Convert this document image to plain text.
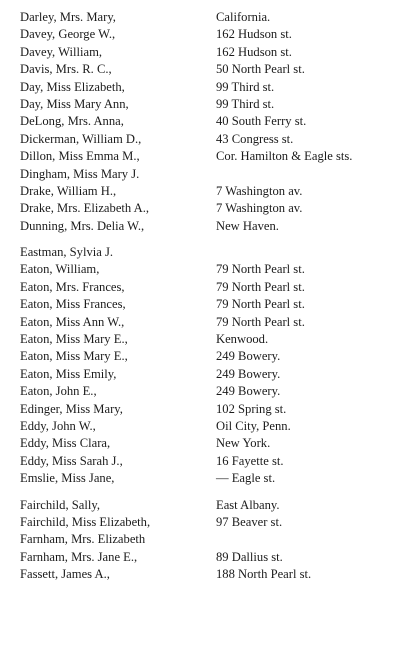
Darley, Mrs. Mary,	California.
Davey, George W.,	162 Hudson st.
Davey, William,	162 Hudson st.
Davis, Mrs. R. C.,	50 North Pearl st.
Day, Miss Elizabeth,	99 Third st.
Day, Miss Mary Ann,	99 Third st.
DeLong, Mrs. Anna,	40 South Ferry st.
Dickerman, William D.,	43 Congress st.
Dillon, Miss Emma M.,	Cor. Hamilton & Eagle sts.
Dingham, Miss Mary J.
Drake, William H.,	7 Washington av.
Drake, Mrs. Elizabeth A.,	7 Washington av.
Dunning, Mrs. Delia W.,	New Haven.
Eastman, Sylvia J.
Eaton, William,	79 North Pearl st.
Eaton, Mrs. Frances,	79 North Pearl st.
Eaton, Miss Frances,	79 North Pearl st.
Eaton, Miss Ann W.,	79 North Pearl st.
Eaton, Miss Mary E.,	Kenwood.
Eaton, Miss Mary E.,	249 Bowery.
Eaton, Miss Emily,	249 Bowery.
Eaton, John E.,	249 Bowery.
Edinger, Miss Mary,	102 Spring st.
Eddy, John W.,	Oil City, Penn.
Eddy, Miss Clara,	New York.
Eddy, Miss Sarah J.,	16 Fayette st.
Emslie, Miss Jane,	— Eagle st.
Fairchild, Sally,	East Albany.
Fairchild, Miss Elizabeth,	97 Beaver st.
Farnham, Mrs. Elizabeth
Farnham, Mrs. Jane E.,	89 Dallius st.
Fassett, James A.,	188 North Pearl st.
